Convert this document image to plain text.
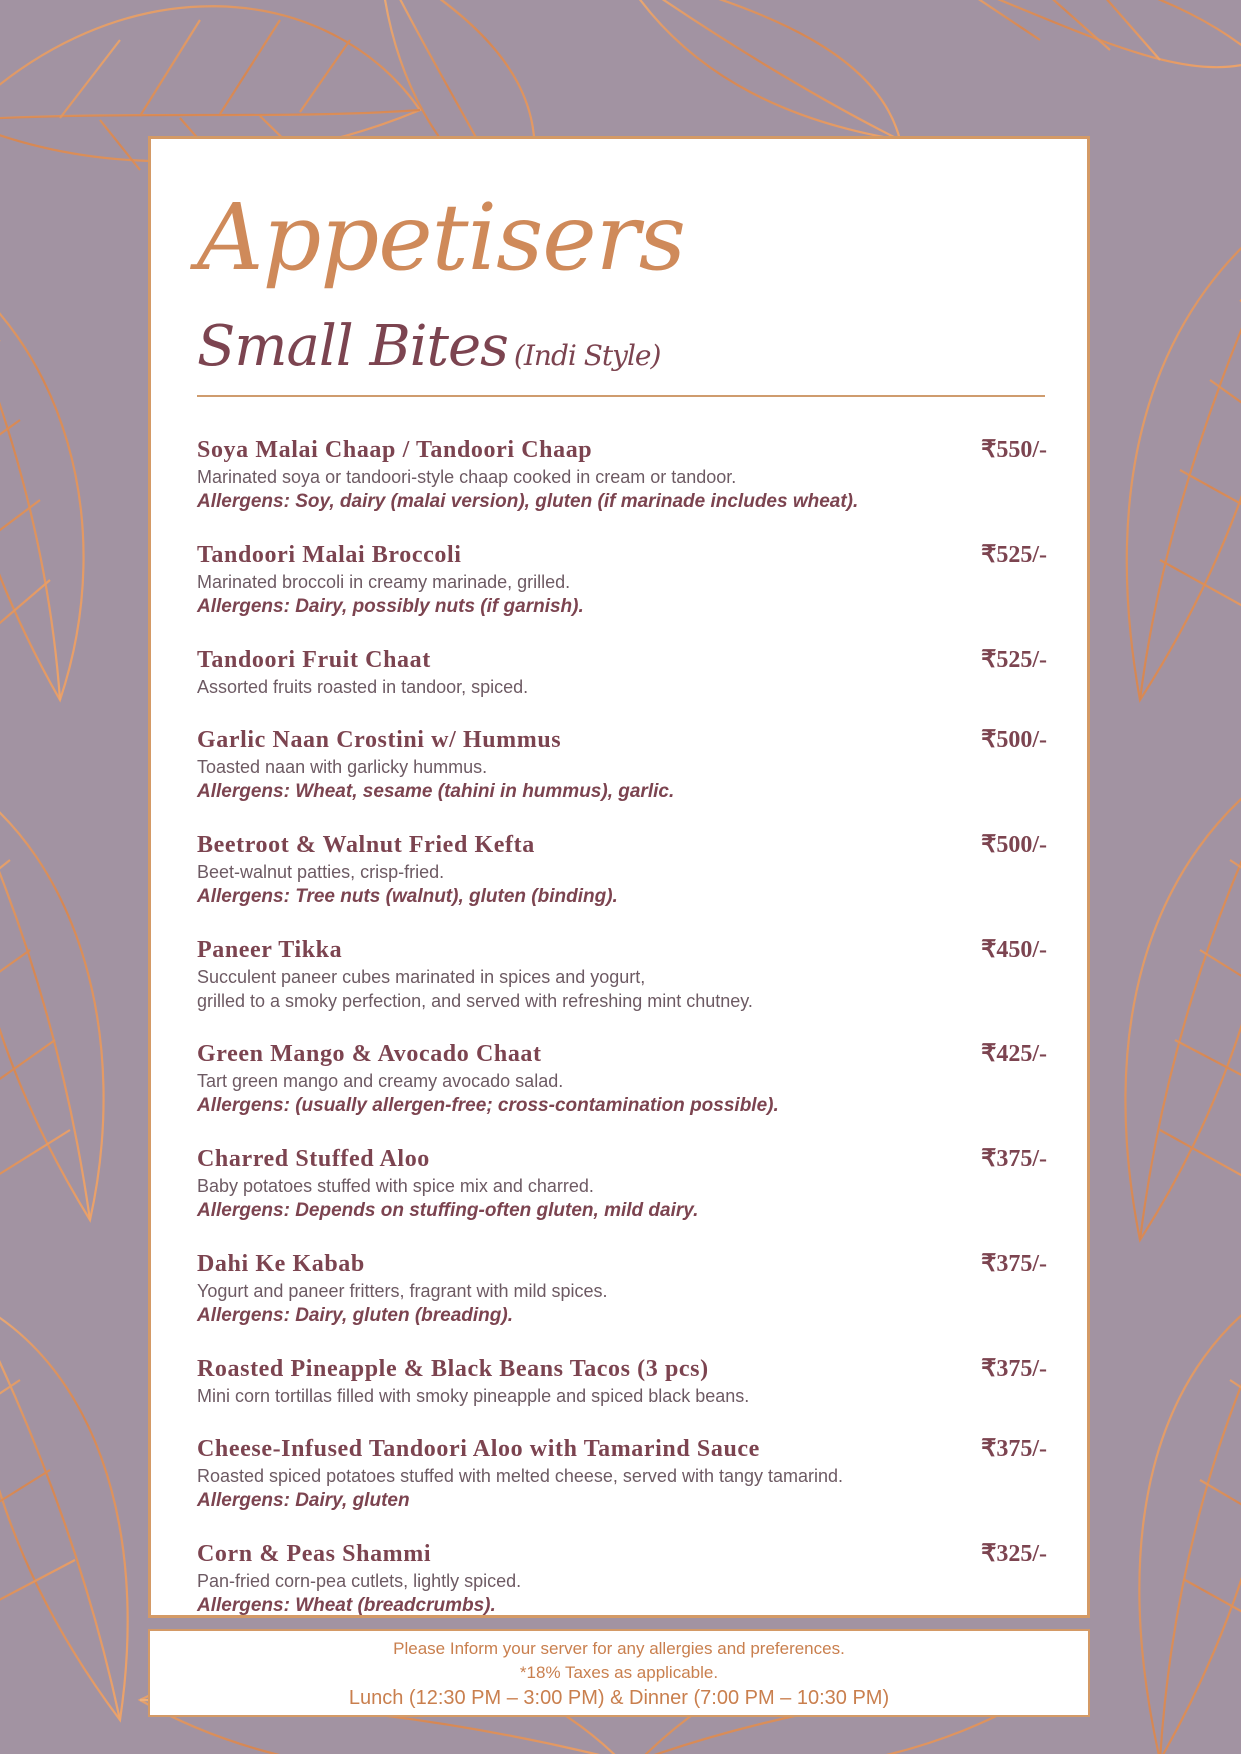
Appetisers
Small Bites (Indi Style)
Soya Malai Chaap / Tandoori Chaap	₹550/-
Marinated soya or tandoori-style chaap cooked in cream or tandoor.
Allergens: Soy, dairy (malai version), gluten (if marinade includes wheat).
Tandoori Malai Broccoli	₹525/-
Marinated broccoli in creamy marinade, grilled.
Allergens: Dairy, possibly nuts (if garnish).
Tandoori Fruit Chaat	₹525/-
Assorted fruits roasted in tandoor, spiced.
Garlic Naan Crostini w/ Hummus	₹500/-
Toasted naan with garlicky hummus.
Allergens: Wheat, sesame (tahini in hummus), garlic.
Beetroot & Walnut Fried Kefta	₹500/-
Beet-walnut patties, crisp-fried.
Allergens: Tree nuts (walnut), gluten (binding).
Paneer Tikka	₹450/-
Succulent paneer cubes marinated in spices and yogurt,
grilled to a smoky perfection, and served with refreshing mint chutney.
Green Mango & Avocado Chaat	₹425/-
Tart green mango and creamy avocado salad.
Allergens: (usually allergen-free; cross-contamination possible).
Charred Stuffed Aloo	₹375/-
Baby potatoes stuffed with spice mix and charred.
Allergens: Depends on stuffing-often gluten, mild dairy.
Dahi Ke Kabab	₹375/-
Yogurt and paneer fritters, fragrant with mild spices.
Allergens: Dairy, gluten (breading).
Roasted Pineapple & Black Beans Tacos (3 pcs)	₹375/-
Mini corn tortillas filled with smoky pineapple and spiced black beans.
Cheese-Infused Tandoori Aloo with Tamarind Sauce	₹375/-
Roasted spiced potatoes stuffed with melted cheese, served with tangy tamarind.
Allergens: Dairy, gluten
Corn & Peas Shammi	₹325/-
Pan-fried corn-pea cutlets, lightly spiced.
Allergens: Wheat (breadcrumbs).
Please Inform your server for any allergies and preferences.
*18% Taxes as applicable.
Lunch (12:30 PM – 3:00 PM) & Dinner (7:00 PM – 10:30 PM)
